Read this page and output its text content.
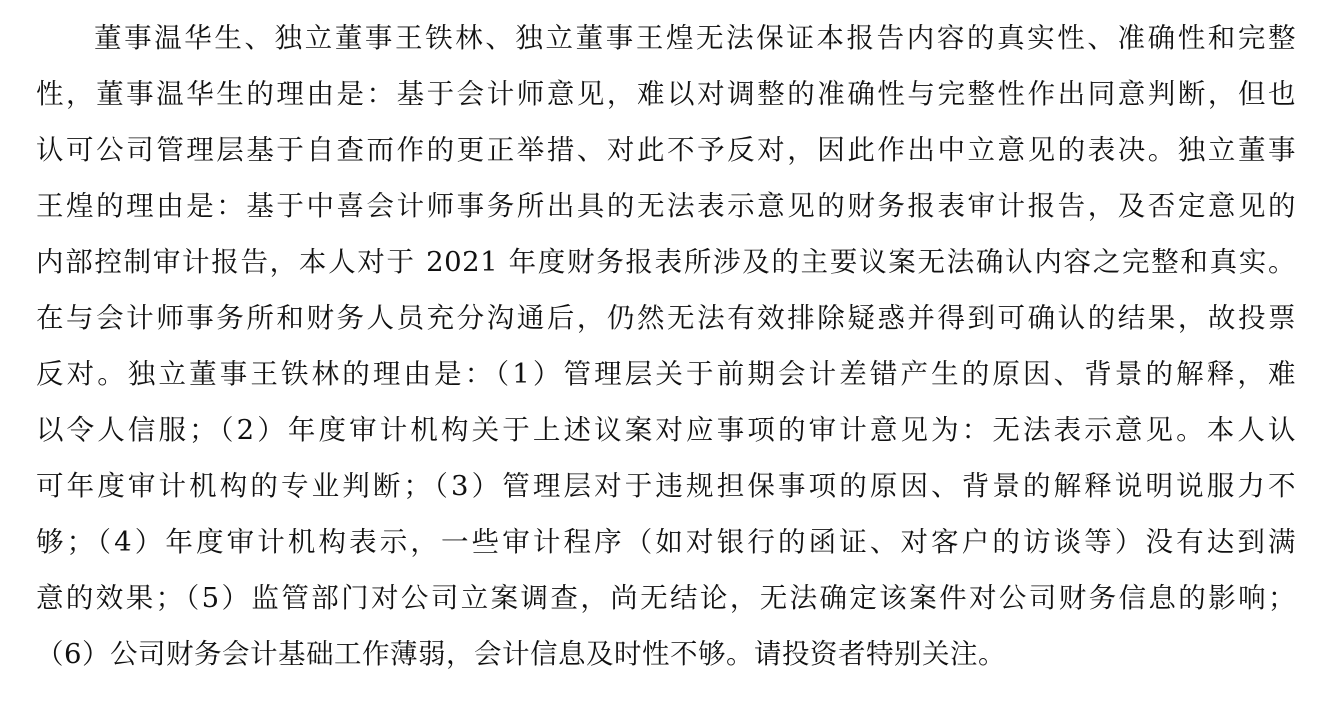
董事温华生、独立董事王铁林、独立董事王煌无法保证本报告内容的真实性、准确性和完整
性，董事温华生的理由是：基于会计师意见，难以对调整的准确性与完整性作出同意判断，但也
认可公司管理层基于自查而作的更正举措、对此不予反对，因此作出中立意见的表决。独立董事
王煌的理由是：基于中喜会计师事务所出具的无法表示意见的财务报表审计报告，及否定意见的
内部控制审计报告，本人对于 2021 年度财务报表所涉及的主要议案无法确认内容之完整和真实。
在与会计师事务所和财务人员充分沟通后，仍然无法有效排除疑惑并得到可确认的结果，故投票
反对。独立董事王铁林的理由是：（1）管理层关于前期会计差错产生的原因、背景的解释，难
以令人信服；（2）年度审计机构关于上述议案对应事项的审计意见为：无法表示意见。本人认
可年度审计机构的专业判断；（3）管理层对于违规担保事项的原因、背景的解释说明说服力不
够；（4）年度审计机构表示，一些审计程序（如对银行的函证、对客户的访谈等）没有达到满
意的效果；（5）监管部门对公司立案调查，尚无结论，无法确定该案件对公司财务信息的影响；
（6）公司财务会计基础工作薄弱，会计信息及时性不够。请投资者特别关注。
